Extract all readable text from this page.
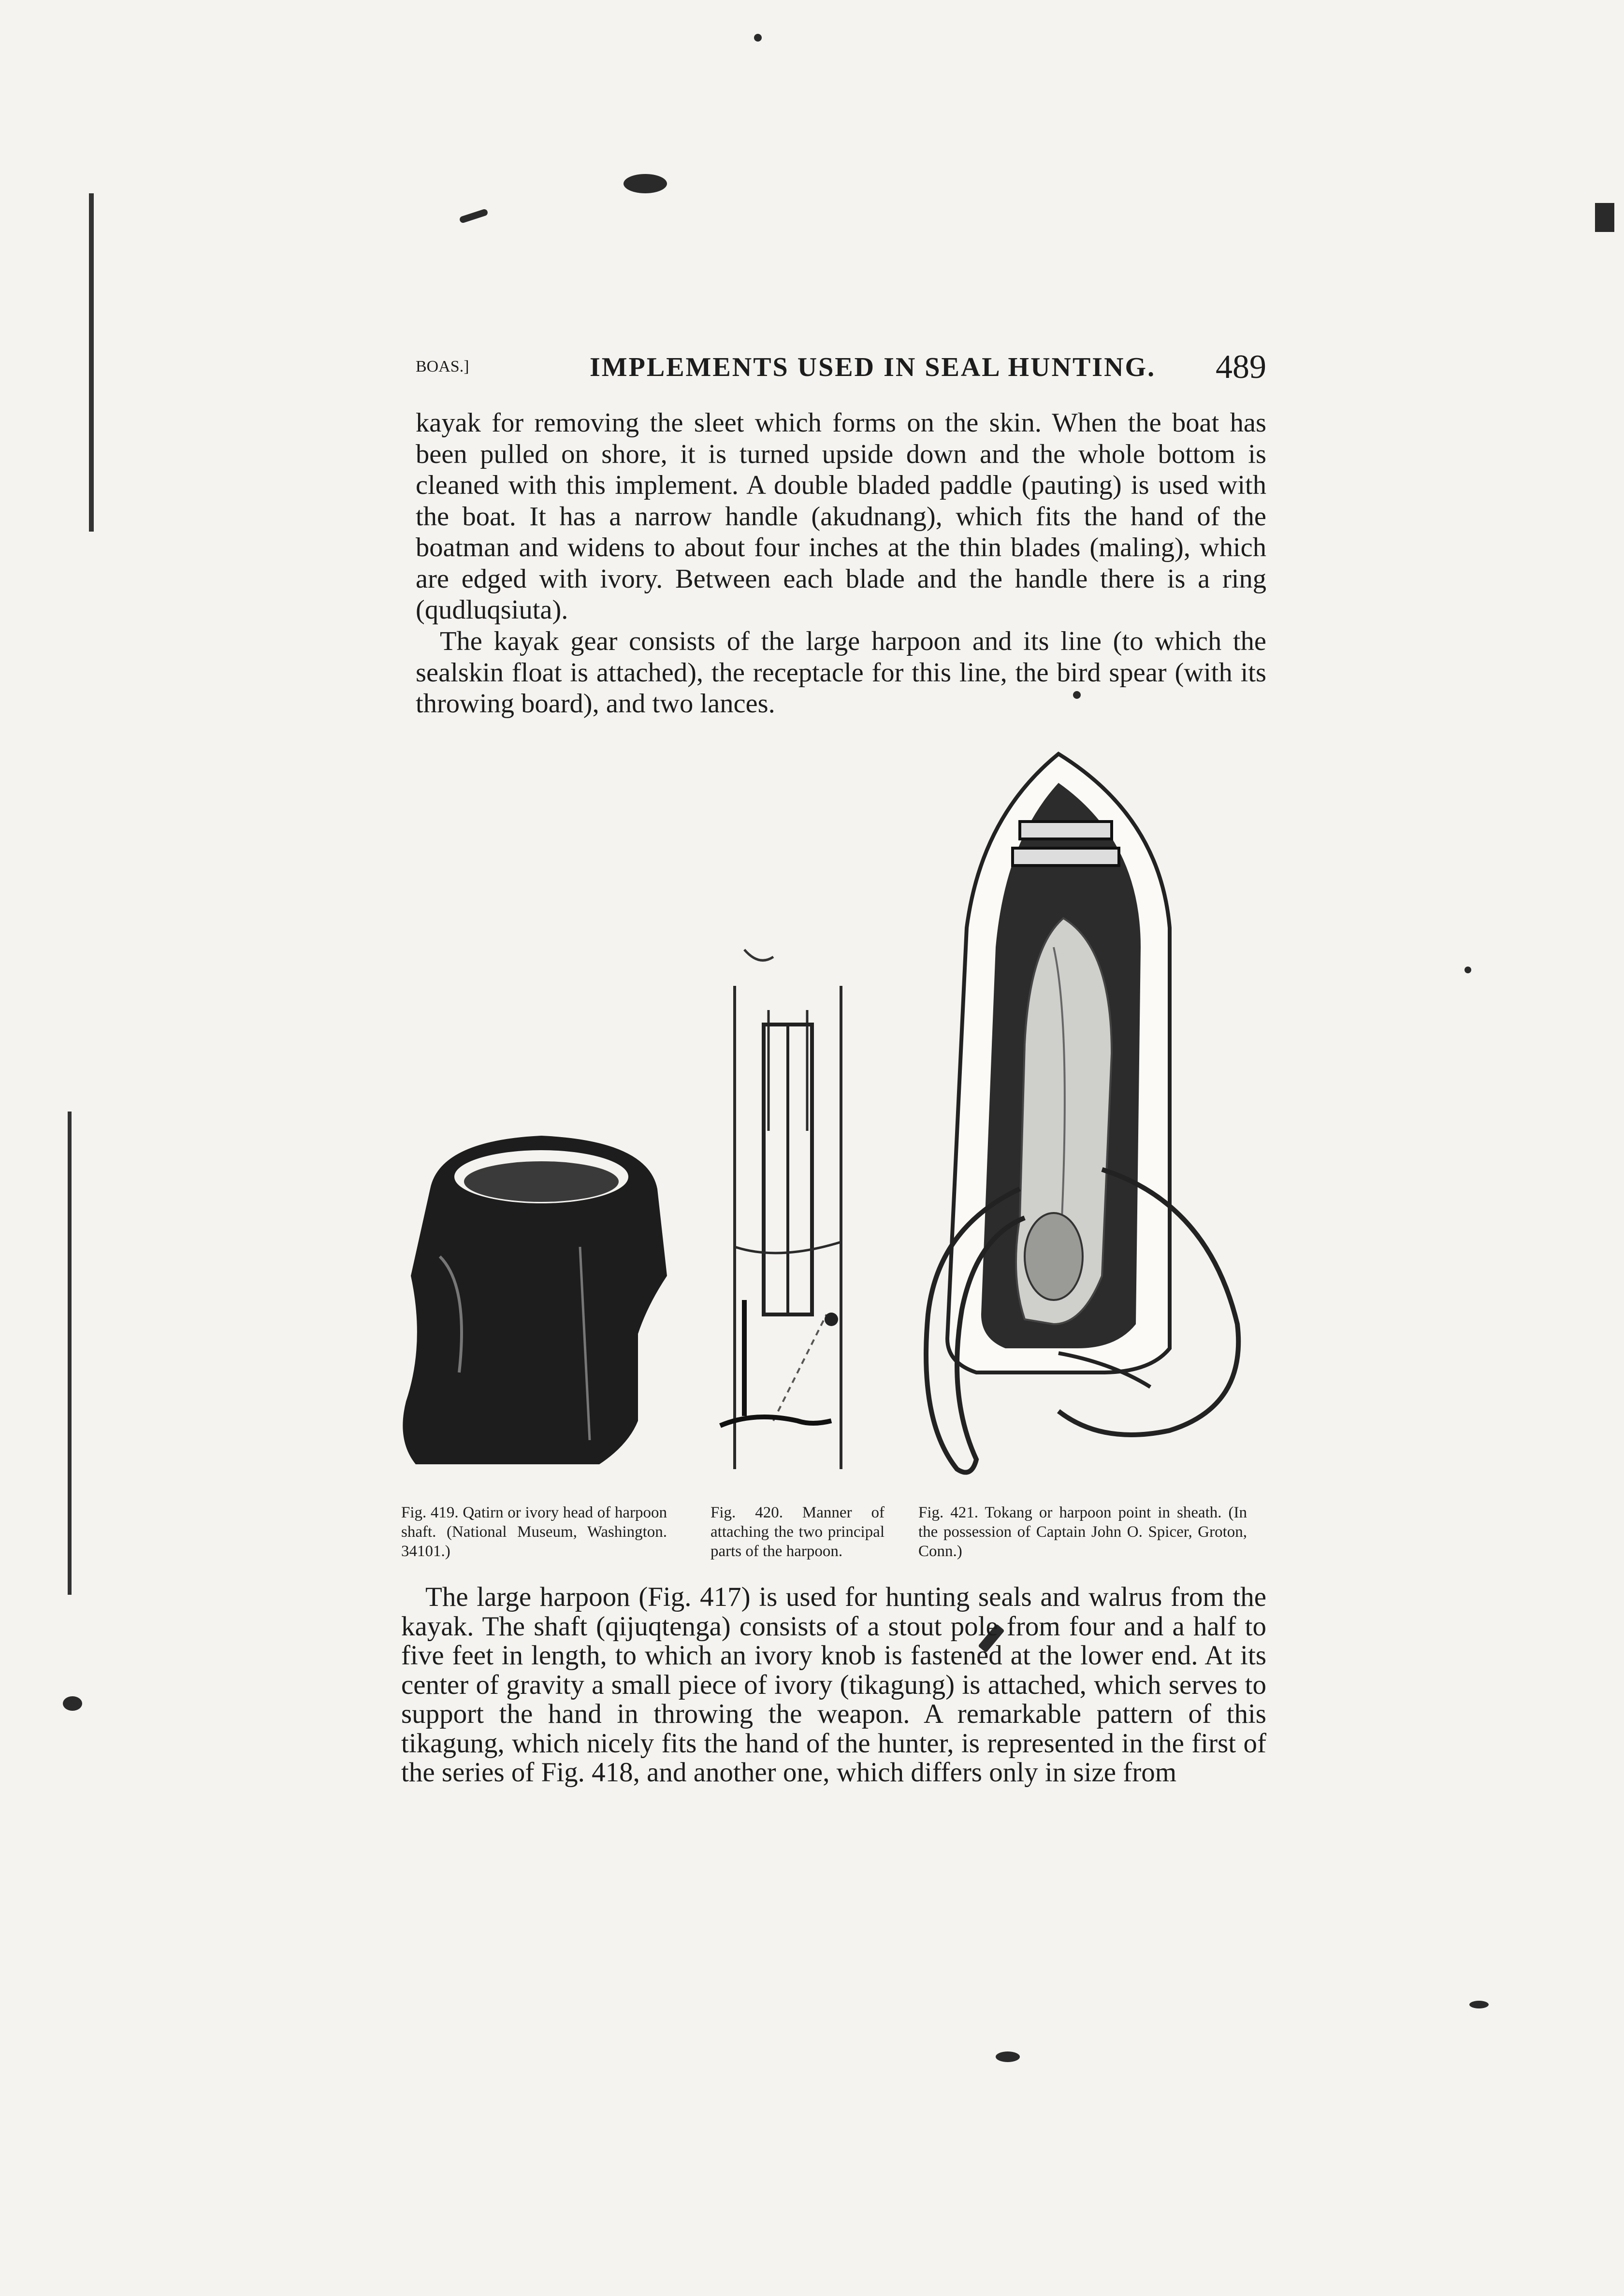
BOAS.]	IMPLEMENTS USED IN SEAL HUNTING. 489
kayak for removing the sleet which forms on the skin. When the boat has been pulled on shore, it is turned upside down and the whole bottom is cleaned with this implement. A double bladed paddle (pauting) is used with the boat. It has a narrow handle (akudnang), which fits the hand of the boatman and widens to about four inches at the thin blades (maling), which are edged with ivory. Between each blade and the handle there is a ring (qudluqsiuta).
The kayak gear consists of the large harpoon and its line (to which the sealskin float is attached), the receptacle for this line, the bird spear (with its throwing board), and two lances.
Fig. 419. Qatirn or ivory head of harpoon shaft. (National Museum, Washington. 34101.)
Fig. 420. Manner of attaching the two principal parts of the harpoon.
Fig. 421. Tokang or harpoon point in sheath. (In the possession of Captain John O. Spicer, Groton, Conn.)
The large harpoon (Fig. 417) is used for hunting seals and walrus from the kayak. The shaft (qijuqtenga) consists of a stout pole from four and a half to five feet in length, to which an ivory knob is fastened at the lower end. At its center of gravity a small piece of ivory (tikagung) is attached, which serves to support the hand in throwing the weapon. A remarkable pattern of this tikagung, which nicely fits the hand of the hunter, is represented in the first of the series of Fig. 418, and another one, which differs only in size from
